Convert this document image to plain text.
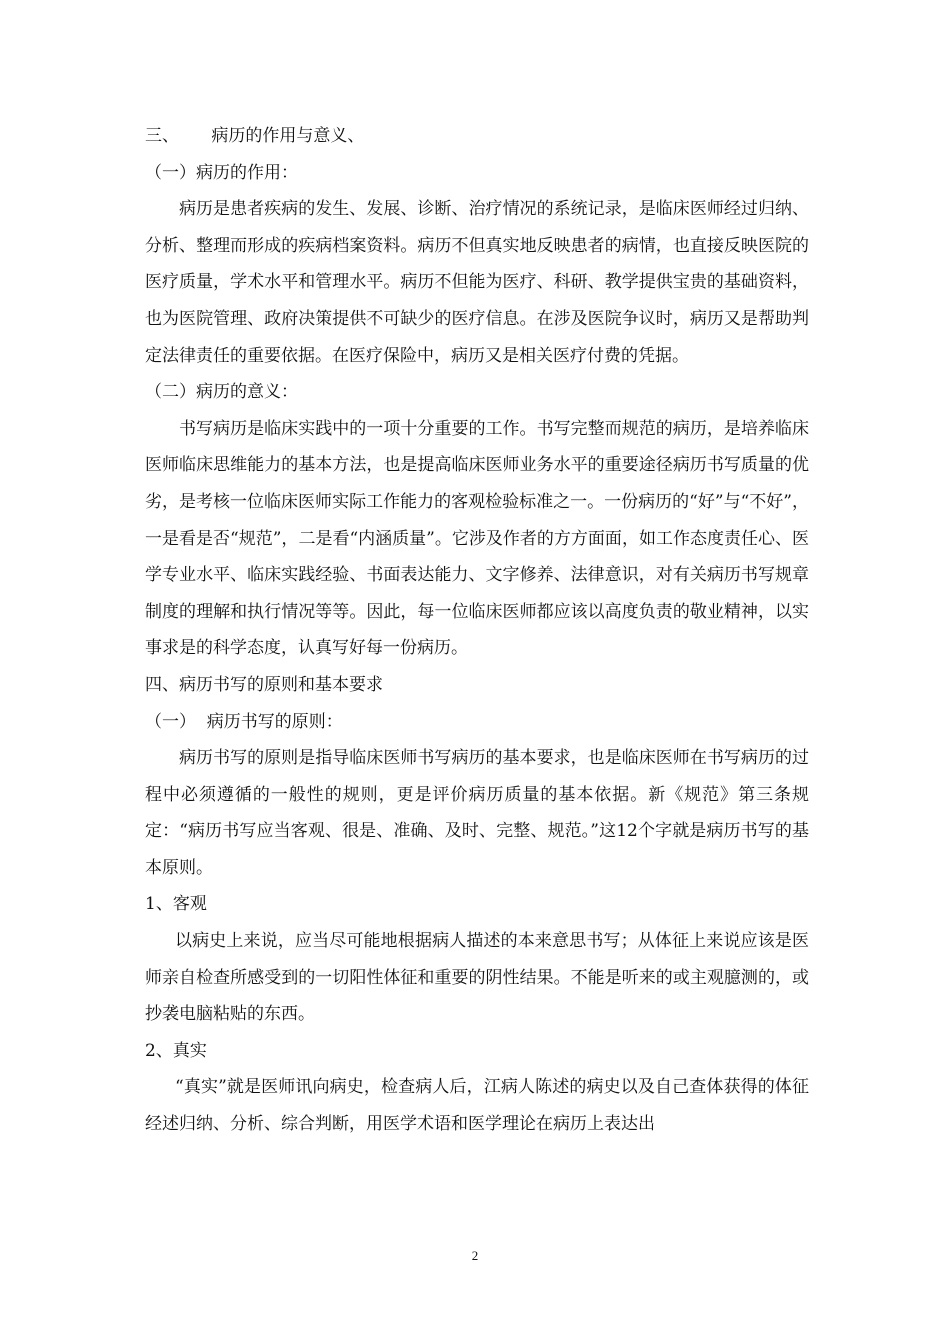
三、      病历的作用与意义、

（一）病历的作用：

病历是患者疾病的发生、发展、诊断、治疗情况的系统记录，是临床医师经过归纳、分析、整理而形成的疾病档案资料。病历不但真实地反映患者的病情，也直接反映医院的医疗质量，学术水平和管理水平。病历不但能为医疗、科研、教学提供宝贵的基础资料，也为医院管理、政府决策提供不可缺少的医疗信息。在涉及医院争议时，病历又是帮助判定法律责任的重要依据。在医疗保险中，病历又是相关医疗付费的凭据。

（二）病历的意义：

书写病历是临床实践中的一项十分重要的工作。书写完整而规范的病历，是培养临床医师临床思维能力的基本方法，也是提高临床医师业务水平的重要途径病历书写质量的优劣，是考核一位临床医师实际工作能力的客观检验标准之一。一份病历的“好”与“不好”，一是看是否“规范”，二是看“内涵质量”。它涉及作者的方方面面，如工作态度责任心、医学专业水平、临床实践经验、书面表达能力、文字修养、法律意识，对有关病历书写规章制度的理解和执行情况等等。因此，每一位临床医师都应该以高度负责的敬业精神，以实事求是的科学态度，认真写好每一份病历。

四、病历书写的原则和基本要求

（一）  病历书写的原则：

病历书写的原则是指导临床医师书写病历的基本要求，也是临床医师在书写病历的过程中必须遵循的一般性的规则，更是评价病历质量的基本依据。新《规范》第三条规定：“病历书写应当客观、很是、准确、及时、完整、规范。”这12个字就是病历书写的基本原则。

1、客观

以病史上来说，应当尽可能地根据病人描述的本来意思书写；从体征上来说应该是医师亲自检查所感受到的一切阳性体征和重要的阴性结果。不能是听来的或主观臆测的，或抄袭电脑粘贴的东西。

2、真实

“真实”就是医师讯向病史，检查病人后，江病人陈述的病史以及自己查体获得的体征经述归纳、分析、综合判断，用医学术语和医学理论在病历上表达出

2
